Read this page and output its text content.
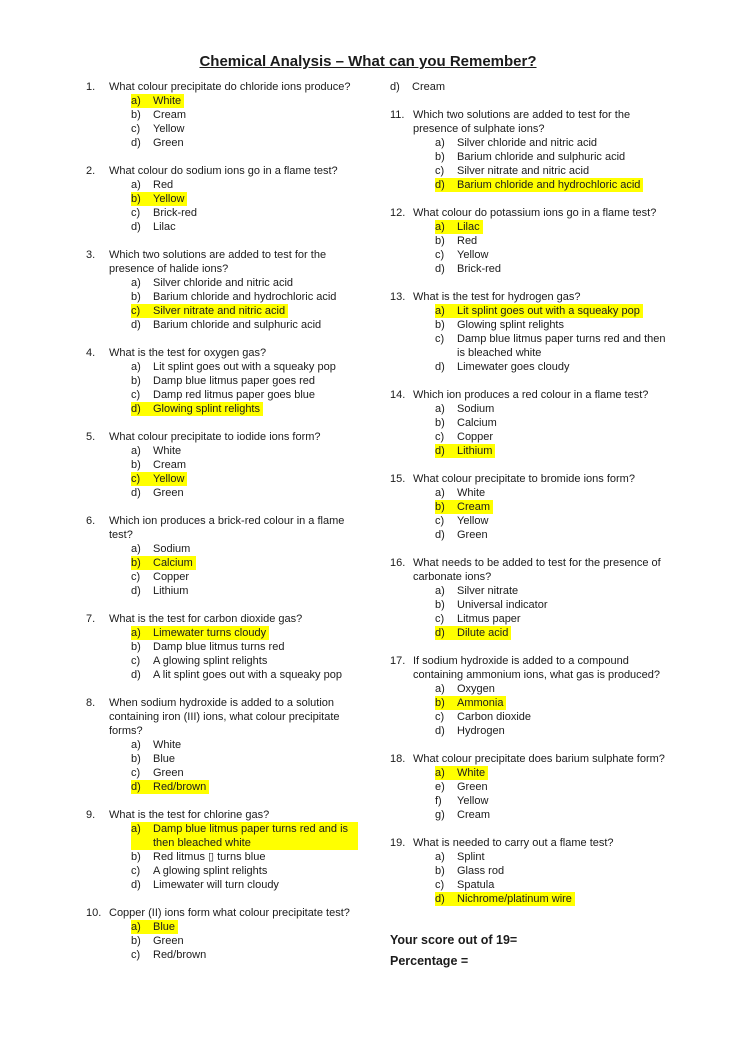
Chemical Analysis – What can you Remember?
1.	What colour precipitate do chloride ions produce?
a)	White
b)	Cream
c)	Yellow
d)	Green
2.	What colour do sodium ions go in a flame test?
a)	Red
b)	Yellow
c)	Brick-red
d)	Lilac
3.	Which two solutions are added to test for the presence of halide ions?
a)	Silver chloride and nitric acid
b)	Barium chloride and hydrochloric acid
c)	Silver nitrate and nitric acid
d)	Barium chloride and sulphuric acid
4.	What is the test for oxygen gas?
a)	Lit splint goes out with a squeaky pop
b)	Damp blue litmus paper goes red
c)	Damp red litmus paper goes blue
d)	Glowing splint relights
5.	What colour precipitate to iodide ions form?
a)	White
b)	Cream
c)	Yellow
d)	Green
6.	Which ion produces a brick-red colour in a flame test?
a)	Sodium
b)	Calcium
c)	Copper
d)	Lithium
7.	What is the test for carbon dioxide gas?
a)	Limewater turns cloudy
b)	Damp blue litmus turns red
c)	A glowing splint relights
d)	A lit splint goes out with a squeaky pop
8.	When sodium hydroxide is added to a solution containing iron (III) ions, what colour precipitate forms?
a)	White
b)	Blue
c)	Green
d)	Red/brown
9.	What is the test for chlorine gas?
a)	Damp blue litmus paper turns red and is then bleached white
b)	Red litmus ▯ turns blue
c)	A glowing splint relights
d)	Limewater will turn cloudy
10. Copper (II) ions form what colour precipitate test?
a)	Blue
b)	Green
c)	Red/brown
d)	Cream
11. Which two solutions are added to test for the presence of sulphate ions?
a)	Silver chloride and nitric acid
b)	Barium chloride and sulphuric acid
c)	Silver nitrate and nitric acid
d)	Barium chloride and hydrochloric acid
12. What colour do potassium ions go in a flame test?
a)	Lilac
b)	Red
c)	Yellow
d)	Brick-red
13. What is the test for hydrogen gas?
a)	Lit splint goes out with a squeaky pop
b)	Glowing splint relights
c)	Damp blue litmus paper turns red and then is bleached white
d)	Limewater goes cloudy
14. Which ion produces a red colour in a flame test?
a)	Sodium
b)	Calcium
c)	Copper
d)	Lithium
15. What colour precipitate to bromide ions form?
a)	White
b)	Cream
c)	Yellow
d)	Green
16. What needs to be added to test for the presence of carbonate ions?
a)	Silver nitrate
b)	Universal indicator
c)	Litmus paper
d)	Dilute acid
17. If sodium hydroxide is added to a compound containing ammonium ions, what gas is produced?
a)	Oxygen
b)	Ammonia
c)	Carbon dioxide
d)	Hydrogen
18. What colour precipitate does barium sulphate form?
a)	White
e)	Green
f)	Yellow
g)	Cream
19. What is needed to carry out a flame test?
a)	Splint
b)	Glass rod
c)	Spatula
d)	Nichrome/platinum wire
Your score out of 19=
Percentage =
